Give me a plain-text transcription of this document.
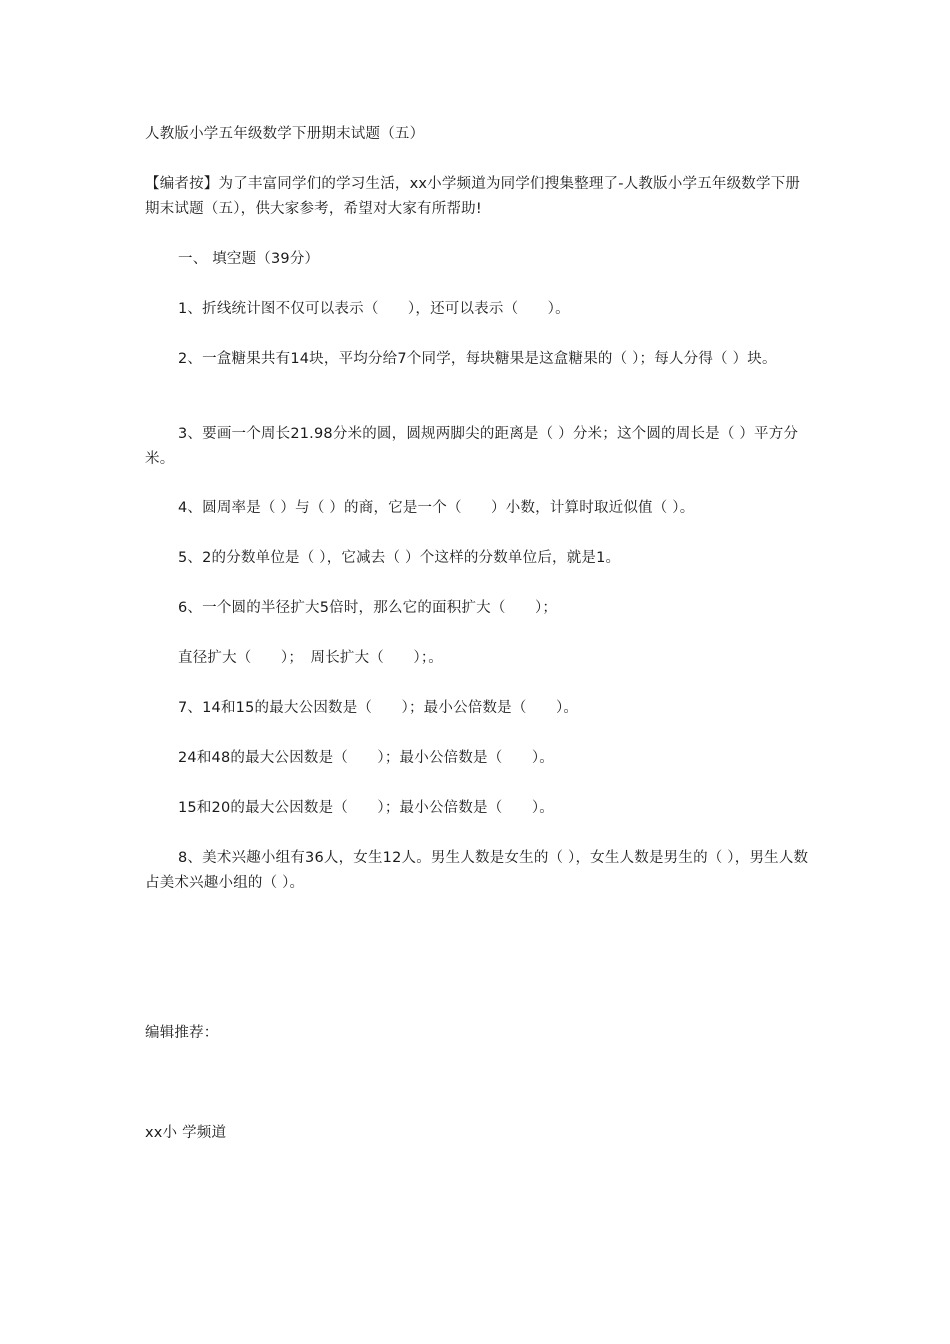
人教版小学五年级数学下册期末试题（五）

【编者按】为了丰富同学们的学习生活，xx小学频道为同学们搜集整理了-人教版小学五年级数学下册期末试题（五），供大家参考，希望对大家有所帮助!

一、 填空题（39分）

1、折线统计图不仅可以表示（　　），还可以表示（　　）。

2、一盒糖果共有14块，平均分给7个同学，每块糖果是这盒糖果的（ ）；每人分得（ ）块。

3、要画一个周长21.98分米的圆，圆规两脚尖的距离是（ ）分米；这个圆的周长是（ ）平方分米。

4、圆周率是（ ）与（ ）的商，它是一个（　　）小数，计算时取近似值（ ）。

5、2的分数单位是（ ），它减去（ ）个这样的分数单位后，就是1。

6、一个圆的半径扩大5倍时，那么它的面积扩大（　　）；

直径扩大（　　）；　周长扩大（　　）；。

7、14和15的最大公因数是（　　）；最小公倍数是（　　）。

24和48的最大公因数是（　　）；最小公倍数是（　　）。

15和20的最大公因数是（　　）；最小公倍数是（　　）。

8、美术兴趣小组有36人，女生12人。男生人数是女生的（ ），女生人数是男生的（ ），男生人数占美术兴趣小组的（ ）。

编辑推荐：

xx小 学频道
